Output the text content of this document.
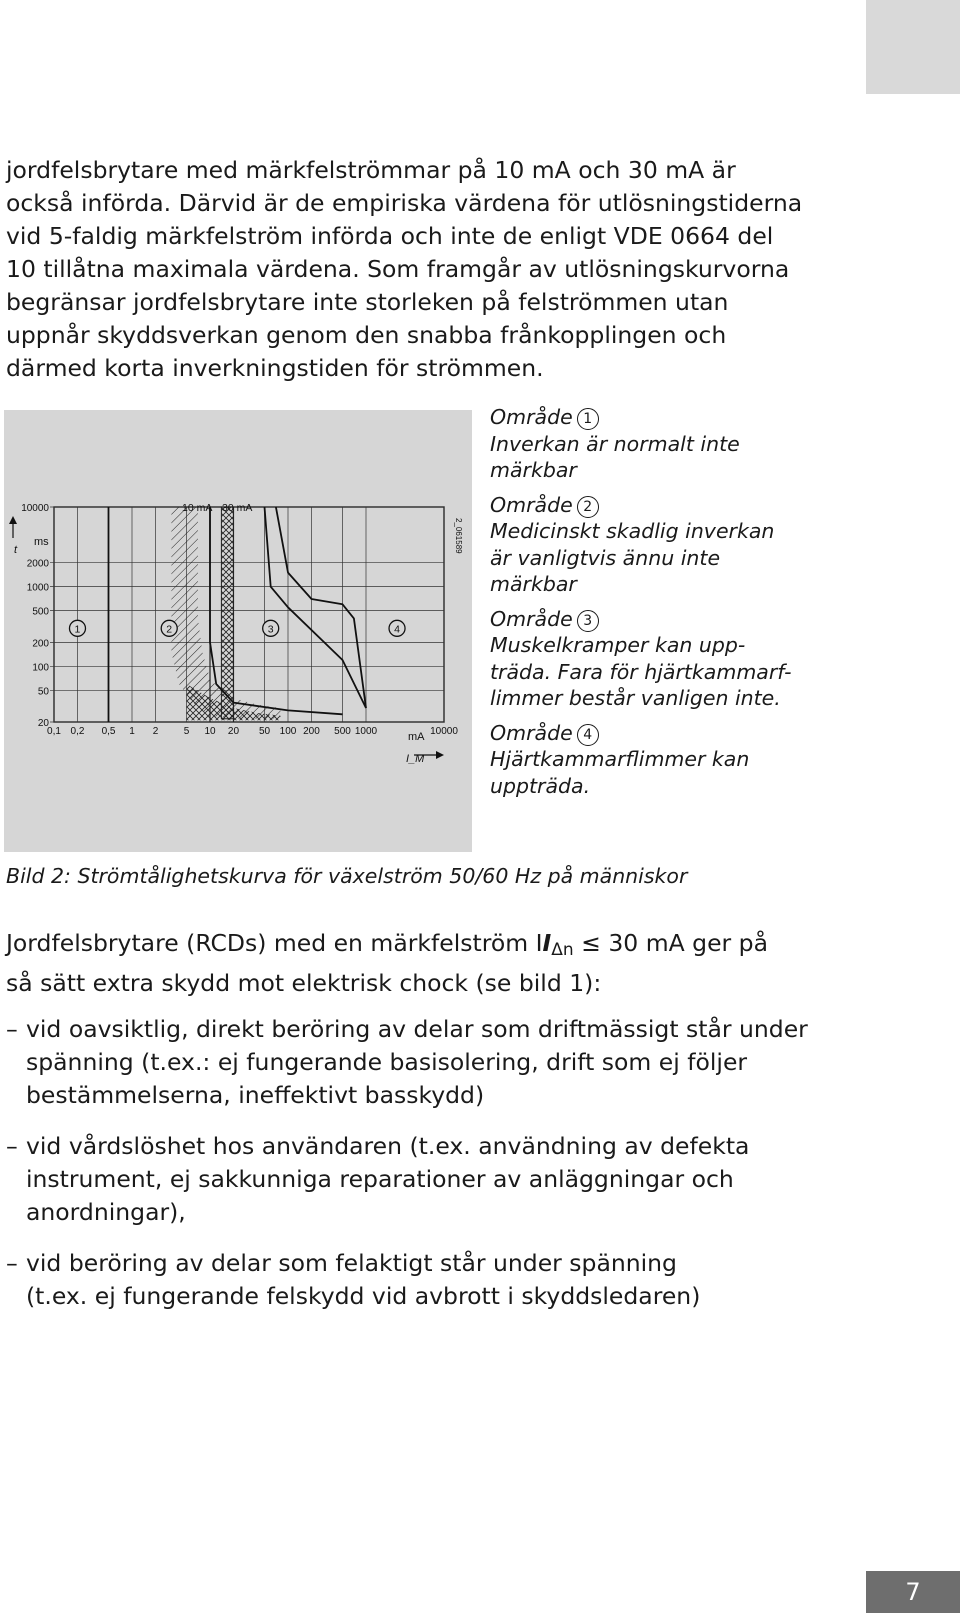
jordfelsbrytare med märkfelströmmar på 10 mA och 30 mA är
också införda. Därvid är de empiriska värdena för utlösningstiderna
vid 5-faldig märkfelström införda och inte de enligt VDE 0664 del
10 tillåtna maximala värdena. Som framgår av utlösningskurvorna
begränsar jordfelsbrytare inte storleken på felströmmen utan
uppnår skyddsverkan genom den snabba frånkopplingen och
därmed korta inverkningstiden för strömmen.
0,1 0,2 0,5 1 2	5 10 20 50 100 200 500 1000	10000
10000
2000
1000
500
200
100
50
20
1	2	3	4
t
ms
mA
I_M
10 mA 30 mA
2_061589
Område 1
Inverkan är normalt inte
märkbar
Område 2
Medicinskt skadlig inverkan
är vanligtvis ännu inte
märkbar
Område 3
Muskelkramper kan upp-
träda. Fara för hjärtkammarf-
limmer består vanligen inte.
Område 4
Hjärtkammarflimmer kan
uppträda.
Bild 2: Strömtålighetskurva för växelström 50/60 Hz på människor
Jordfelsbrytare (RCDs) med en märkfelström $II_{\Delta n} \le 30$ mA ger på
så sätt extra skydd mot elektrisk chock (se bild 1):
– vid oavsiktlig, direkt beröring av delar som driftmässigt står under
spänning (t.ex.: ej fungerande basisolering, drift som ej följer
bestämmelserna, ineffektivt basskydd)
– vid vårdslöshet hos användaren (t.ex. användning av defekta
instrument, ej sakkunniga reparationer av anläggningar och
anordningar),
– vid beröring av delar som felaktigt står under spänning
(t.ex. ej fungerande felskydd vid avbrott i skyddsledaren)
7
